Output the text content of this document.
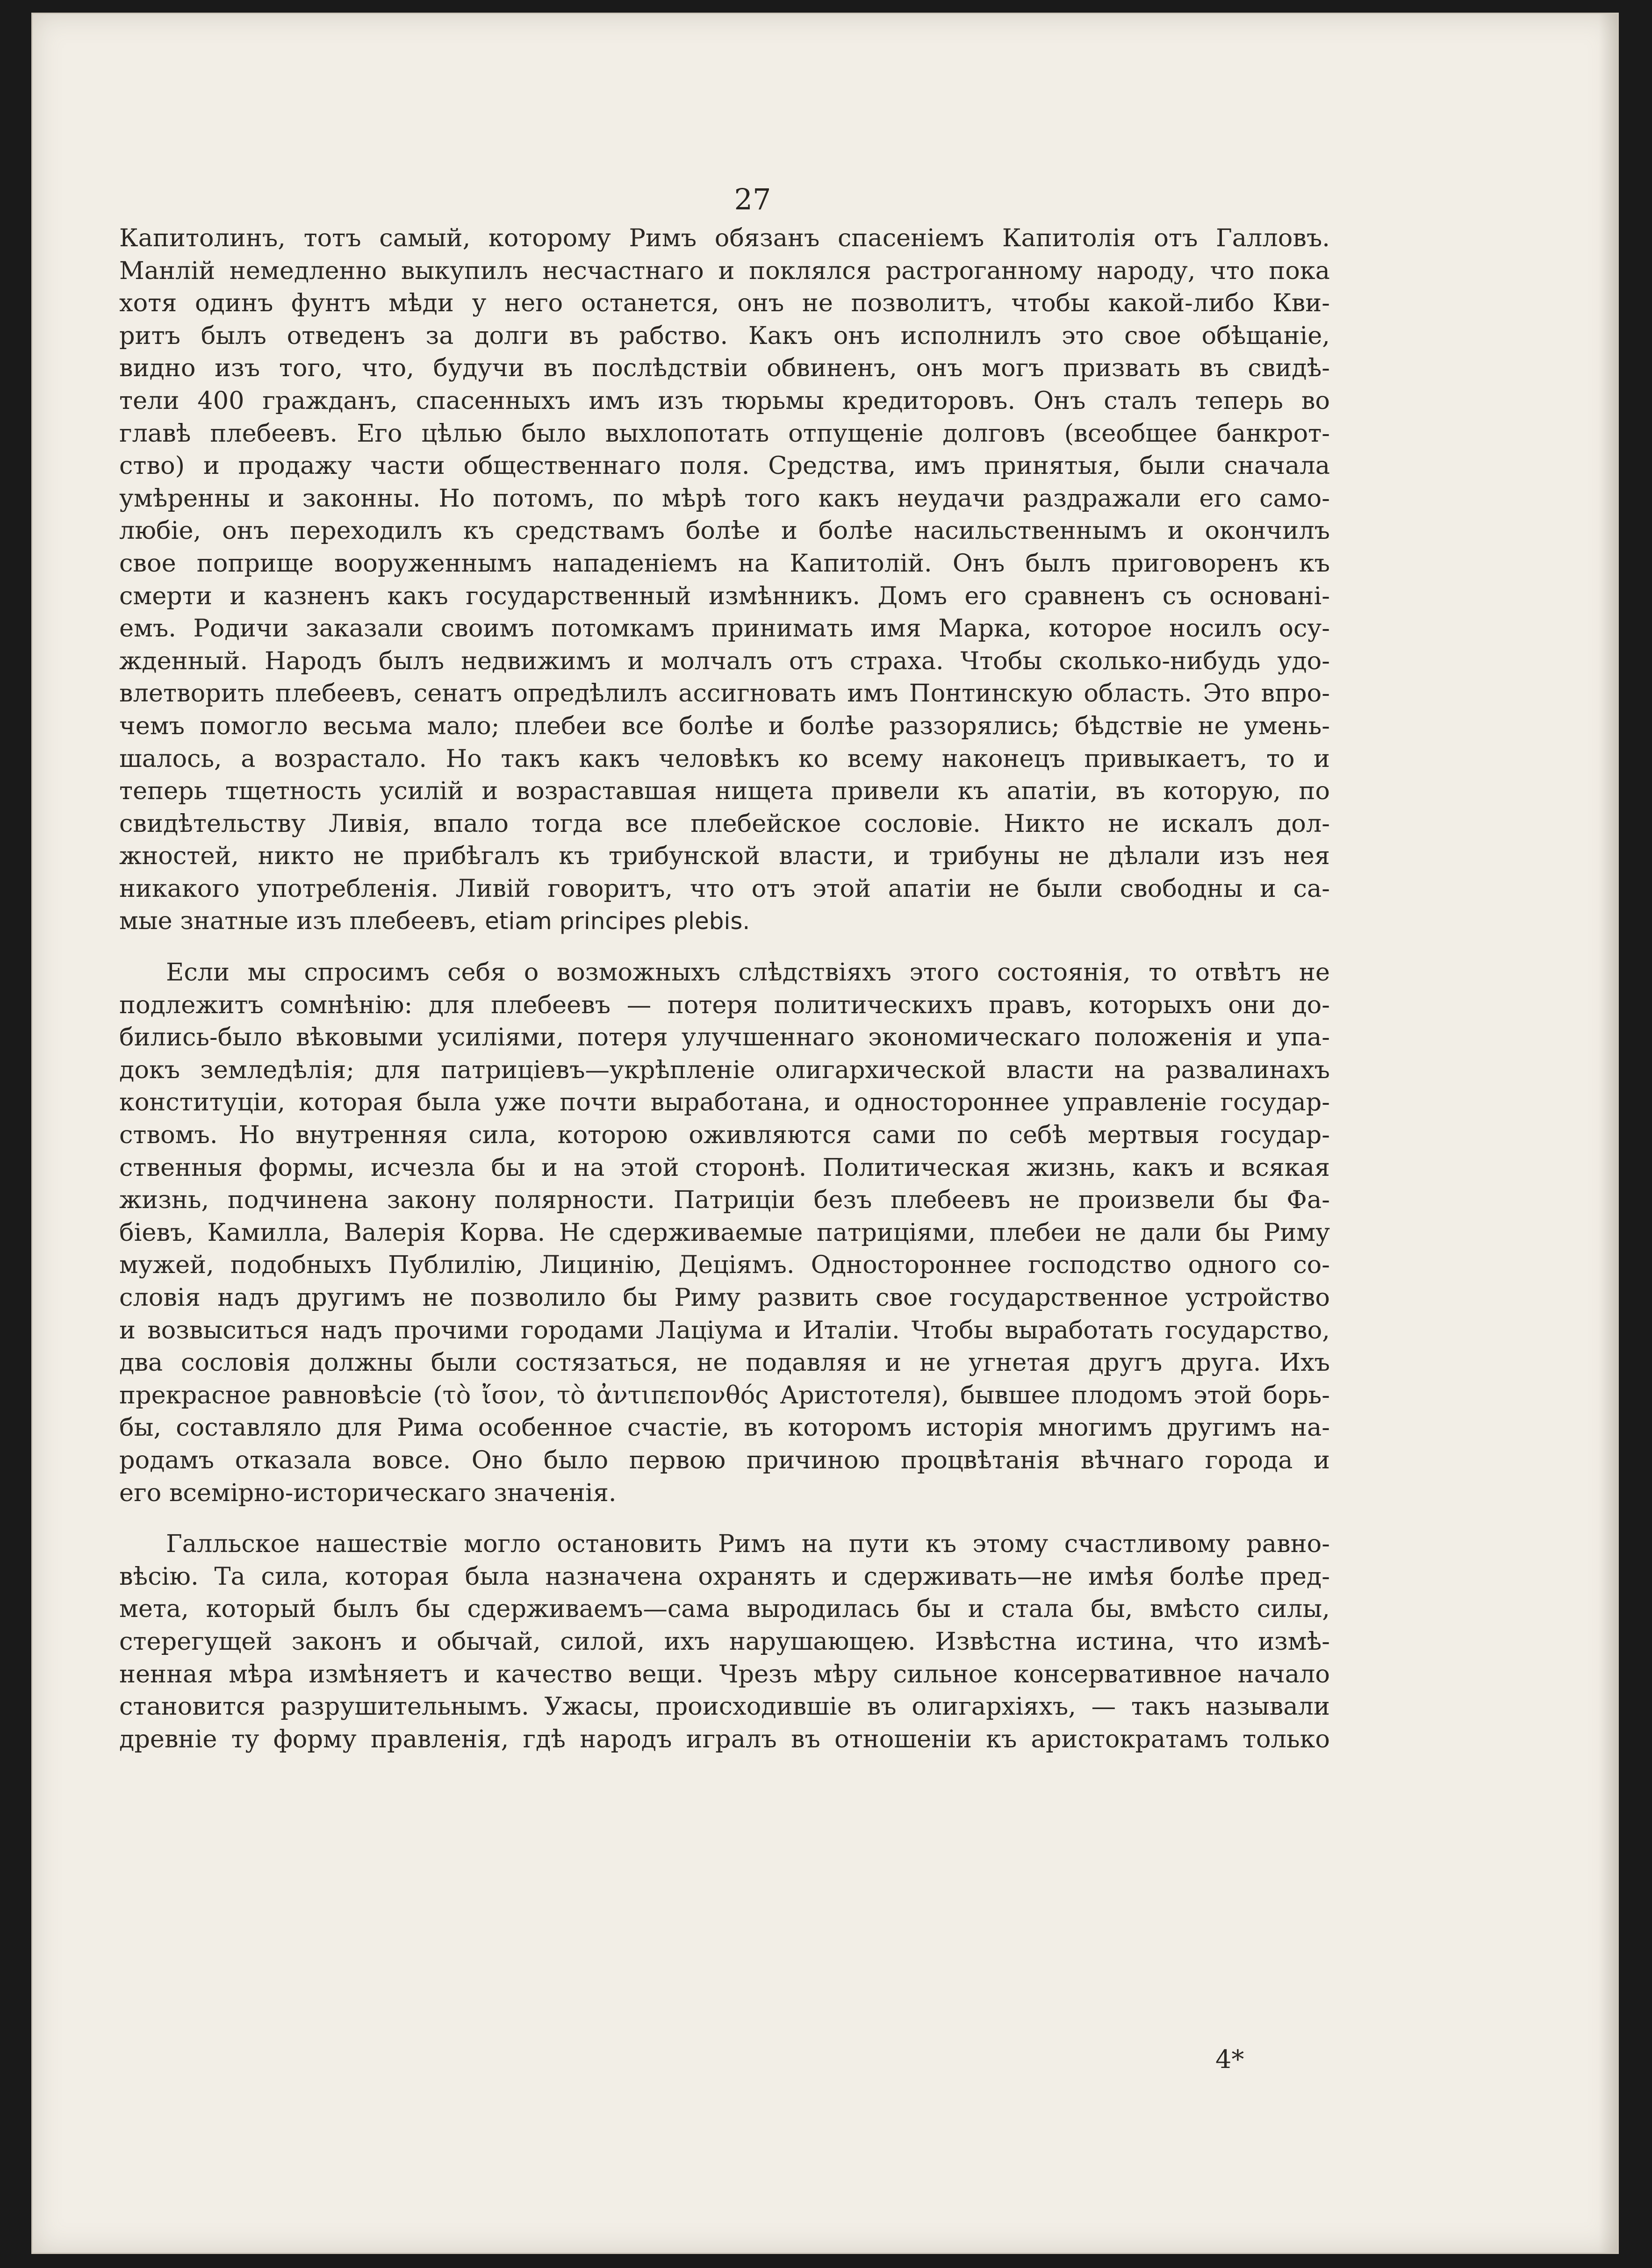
27
Капитолинъ, тотъ самый, которому Римъ обязанъ спасеніемъ Капитолія отъ Галловъ.
Манлій немедленно выкупилъ несчастнаго и поклялся растроганному народу, что пока
хотя одинъ фунтъ мѣди у него останется, онъ не позволитъ, чтобы какой-либо Кви-
ритъ былъ отведенъ за долги въ рабство. Какъ онъ исполнилъ это свое обѣщаніе,
видно изъ того, что, будучи въ послѣдствіи обвиненъ, онъ могъ призвать въ свидѣ-
тели 400 гражданъ, спасенныхъ имъ изъ тюрьмы кредиторовъ. Онъ сталъ теперь во
главѣ плебеевъ. Его цѣлью было выхлопотать отпущеніе долговъ (всеобщее банкрот-
ство) и продажу части общественнаго поля. Средства, имъ принятыя, были сначала
умѣренны и законны. Но потомъ, по мѣрѣ того какъ неудачи раздражали его само-
любіе, онъ переходилъ къ средствамъ болѣе и болѣе насильственнымъ и окончилъ
свое поприще вооруженнымъ нападеніемъ на Капитолій. Онъ былъ приговоренъ къ
смерти и казненъ какъ государственный измѣнникъ. Домъ его сравненъ съ основані-
емъ. Родичи заказали своимъ потомкамъ принимать имя Марка, которое носилъ осу-
жденный. Народъ былъ недвижимъ и молчалъ отъ страха. Чтобы сколько-нибудь удо-
влетворить плебеевъ, сенатъ опредѣлилъ ассигновать имъ Понтинскую область. Это впро-
чемъ помогло весьма мало; плебеи все болѣе и болѣе раззорялись; бѣдствіе не умень-
шалось, а возрастало. Но такъ какъ человѣкъ ко всему наконецъ привыкаетъ, то и
теперь тщетность усилій и возраставшая нищета привели къ апатіи, въ которую, по
свидѣтельству Ливія, впало тогда все плебейское сословіе. Никто не искалъ дол-
жностей, никто не прибѣгалъ къ трибунской власти, и трибуны не дѣлали изъ нея
никакого употребленія. Ливій говоритъ, что отъ этой апатіи не были свободны и са-
мые знатные изъ плебеевъ, etiam principes plebis.
Если мы спросимъ себя о возможныхъ слѣдствіяхъ этого состоянія, то отвѣтъ не
подлежитъ сомнѣнію: для плебеевъ — потеря политическихъ правъ, которыхъ они до-
бились-было вѣковыми усиліями, потеря улучшеннаго экономическаго положенія и упа-
докъ земледѣлія; для патриціевъ—укрѣпленіе олигархической власти на развалинахъ
конституціи, которая была уже почти выработана, и одностороннее управленіе государ-
ствомъ. Но внутренняя сила, которою оживляются сами по себѣ мертвыя государ-
ственныя формы, исчезла бы и на этой сторонѣ. Политическая жизнь, какъ и всякая
жизнь, подчинена закону полярности. Патриціи безъ плебеевъ не произвели бы Фа-
біевъ, Камилла, Валерія Корва. Не сдерживаемые патриціями, плебеи не дали бы Риму
мужей, подобныхъ Публилію, Лицинію, Деціямъ. Одностороннее господство одного со-
словія надъ другимъ не позволило бы Риму развить свое государственное устройство
и возвыситься надъ прочими городами Лаціума и Италіи. Чтобы выработать государство,
два сословія должны были состязаться, не подавляя и не угнетая другъ друга. Ихъ
прекрасное равновѣсіе (τὸ ἴσον, τὸ ἀντιπεπονθός Аристотеля), бывшее плодомъ этой борь-
бы, составляло для Рима особенное счастіе, въ которомъ исторія многимъ другимъ на-
родамъ отказала вовсе. Оно было первою причиною процвѣтанія вѣчнаго города и
его всемірно-историческаго значенія.
Галльское нашествіе могло остановить Римъ на пути къ этому счастливому равно-
вѣсію. Та сила, которая была назначена охранять и сдерживать—не имѣя болѣе пред-
мета, который былъ бы сдерживаемъ—сама выродилась бы и стала бы, вмѣсто силы,
стерегущей законъ и обычай, силой, ихъ нарушающею. Извѣстна истина, что измѣ-
ненная мѣра измѣняетъ и качество вещи. Чрезъ мѣру сильное консервативное начало
становится разрушительнымъ. Ужасы, происходившіе въ олигархіяхъ, — такъ называли
древніе ту форму правленія, гдѣ народъ игралъ въ отношеніи къ аристократамъ только
4*
